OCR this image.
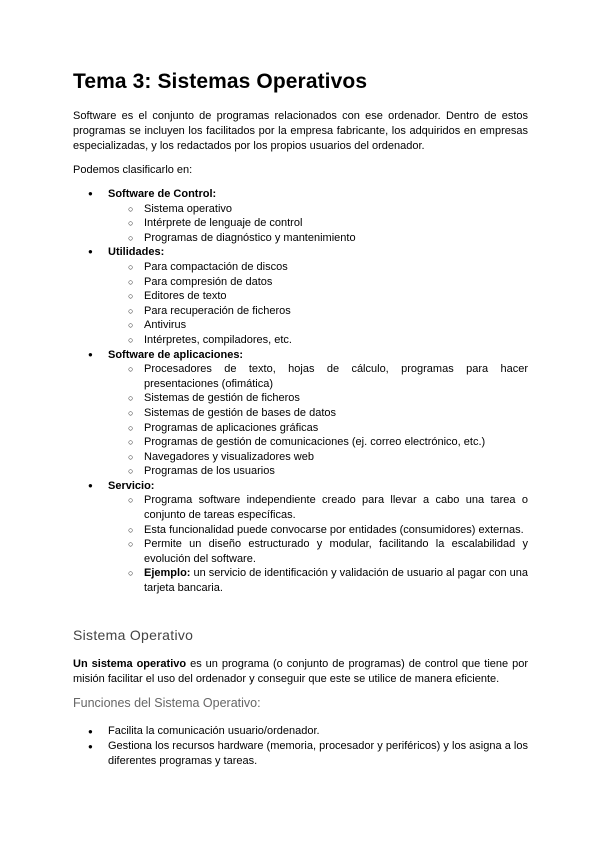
Tema 3: Sistemas Operativos

Software es el conjunto de programas relacionados con ese ordenador. Dentro de estos programas se incluyen los facilitados por la empresa fabricante, los adquiridos en empresas especializadas, y los redactados por los propios usuarios del ordenador.

Podemos clasificarlo en:

● Software de Control:
○ Sistema operativo
○ Intérprete de lenguaje de control
○ Programas de diagnóstico y mantenimiento
● Utilidades:
○ Para compactación de discos
○ Para compresión de datos
○ Editores de texto
○ Para recuperación de ficheros
○ Antivirus
○ Intérpretes, compiladores, etc.
● Software de aplicaciones:
○ Procesadores de texto, hojas de cálculo, programas para hacer presentaciones (ofimática)
○ Sistemas de gestión de ficheros
○ Sistemas de gestión de bases de datos
○ Programas de aplicaciones gráficas
○ Programas de gestión de comunicaciones (ej. correo electrónico, etc.)
○ Navegadores y visualizadores web
○ Programas de los usuarios
● Servicio:
○ Programa software independiente creado para llevar a cabo una tarea o conjunto de tareas específicas.
○ Esta funcionalidad puede convocarse por entidades (consumidores) externas.
○ Permite un diseño estructurado y modular, facilitando la escalabilidad y evolución del software.
○ Ejemplo: un servicio de identificación y validación de usuario al pagar con una tarjeta bancaria.
Sistema Operativo

Un sistema operativo es un programa (o conjunto de programas) de control que tiene por misión facilitar el uso del ordenador y conseguir que este se utilice de manera eficiente.

Funciones del Sistema Operativo:
● Facilita la comunicación usuario/ordenador.
● Gestiona los recursos hardware (memoria, procesador y periféricos) y los asigna a los diferentes programas y tareas.
